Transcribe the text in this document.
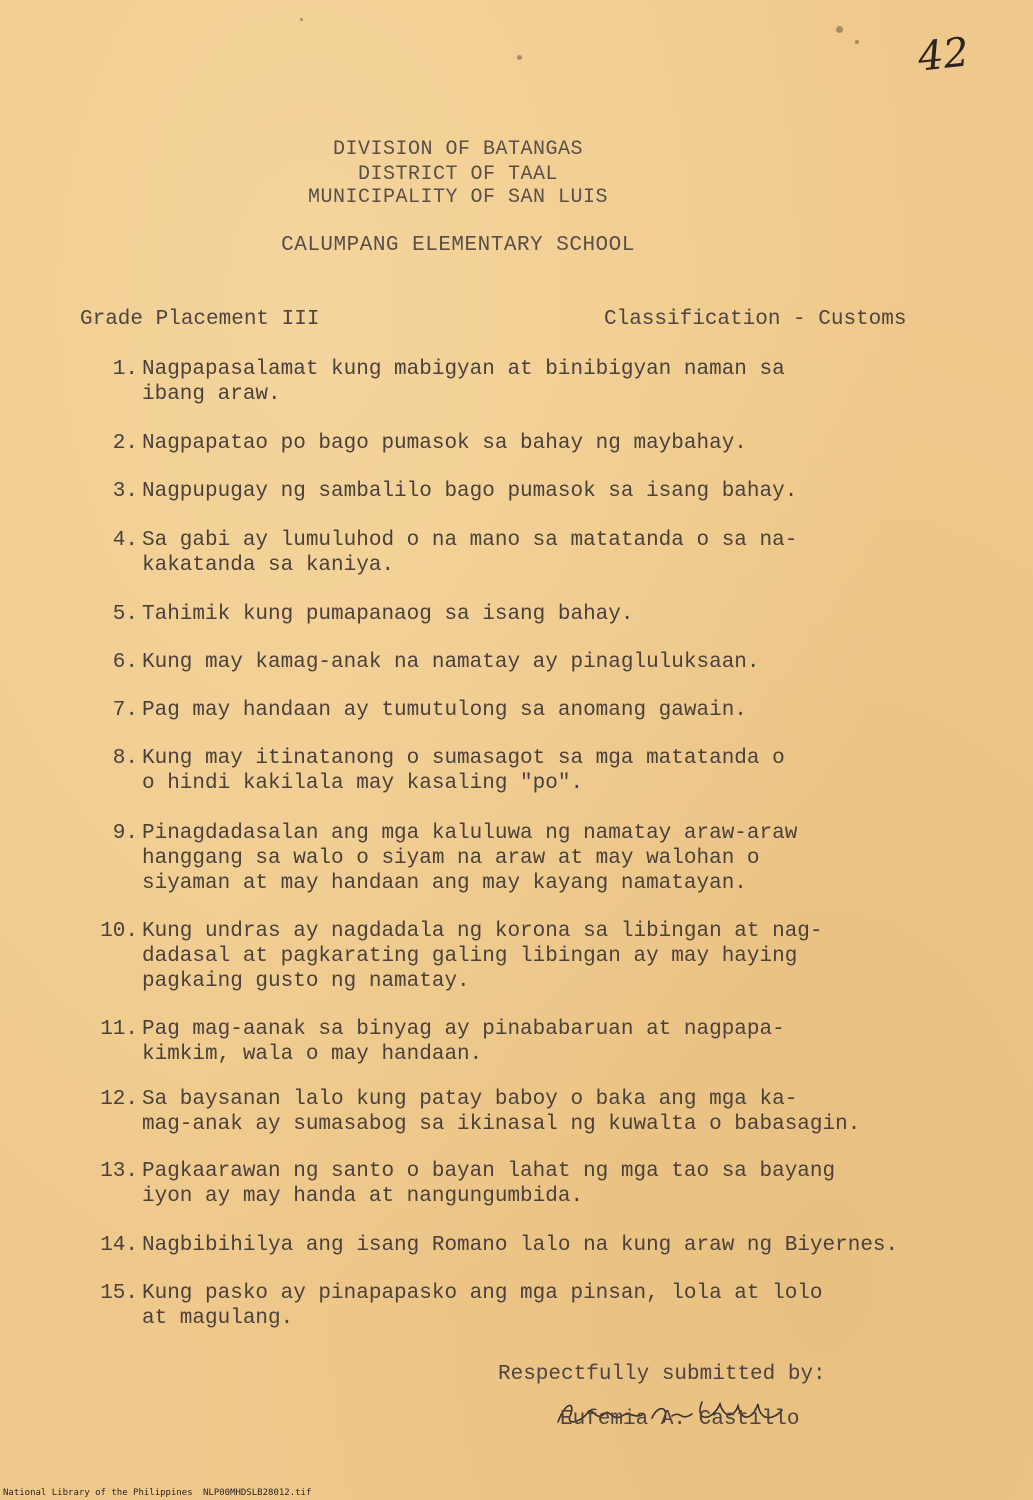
42
DIVISION OF BATANGAS
DISTRICT OF TAAL
MUNICIPALITY OF SAN LUIS
CALUMPANG ELEMENTARY SCHOOL
Grade Placement III	Classification - Customs
1. Nagpapasalamat kung mabigyan at binibigyan naman sa
ibang araw.
2. Nagpapatao po bago pumasok sa bahay ng maybahay.
3. Nagpupugay ng sambalilo bago pumasok sa isang bahay.
4. Sa gabi ay lumuluhod o na mano sa matatanda o sa na-
kakatanda sa kaniya.
5. Tahimik kung pumapanaog sa isang bahay.
6. Kung may kamag-anak na namatay ay pinagluluksaan.
7. Pag may handaan ay tumutulong sa anomang gawain.
8. Kung may itinatanong o sumasagot sa mga matatanda o
o hindi kakilala may kasaling "po".
9. Pinagdadasalan ang mga kaluluwa ng namatay araw-araw
hanggang sa walo o siyam na araw at may walohan o
siyaman at may handaan ang may kayang namatayan.
10. Kung undras ay nagdadala ng korona sa libingan at nag-
dadasal at pagkarating galing libingan ay may haying
pagkaing gusto ng namatay.
11. Pag mag-aanak sa binyag ay pinababaruan at nagpapa-
kimkim, wala o may handaan.
12. Sa baysanan lalo kung patay baboy o baka ang mga ka-
mag-anak ay sumasabog sa ikinasal ng kuwalta o babasagin.
13. Pagkaarawan ng santo o bayan lahat ng mga tao sa bayang
iyon ay may handa at nangungumbida.
14. Nagbibihilya ang isang Romano lalo na kung araw ng Biyernes.
15. Kung pasko ay pinapapasko ang mga pinsan, lola at lolo
at magulang.
Respectfully submitted by:
Eufemia A. Castillo
National Library of the Philippines NLP00MHDSLB28012.tif
